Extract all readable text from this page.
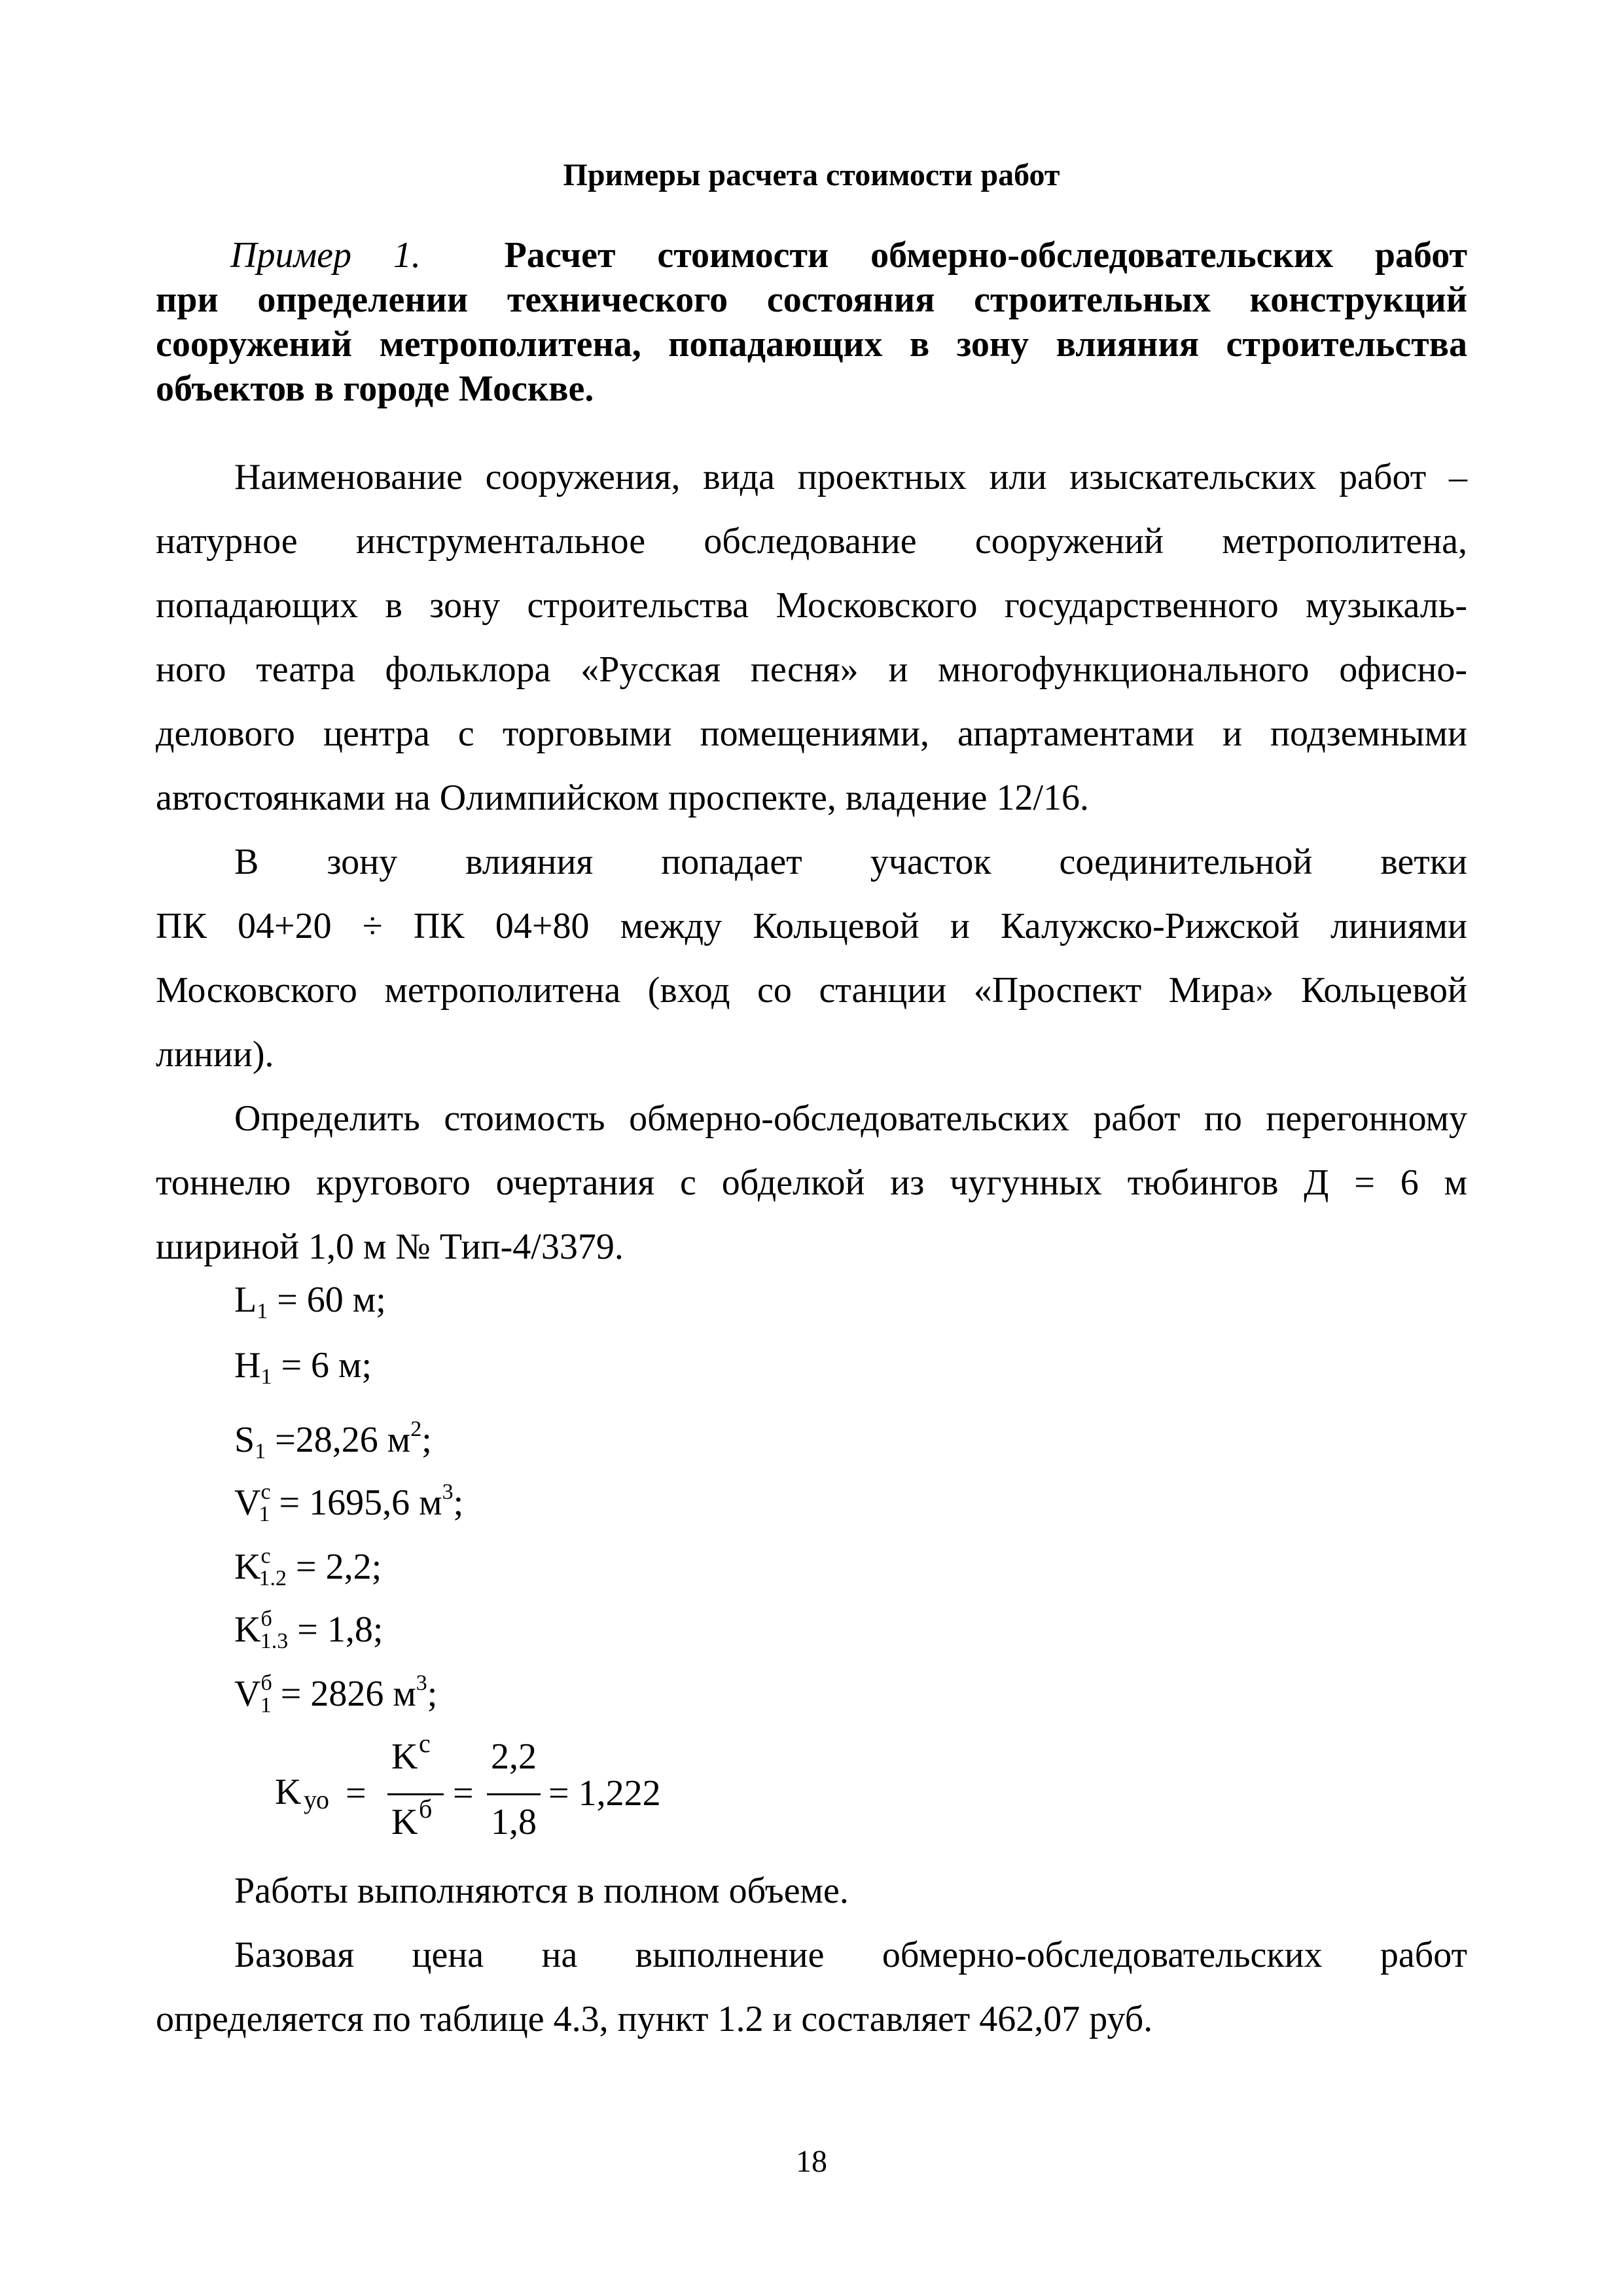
Примеры расчета стоимости работ
Пример 1. Расчет стоимости обмерно-обследовательских работ
при определении технического состояния строительных конструкций
сооружений метрополитена, попадающих в зону влияния строительства
объектов в городе Москве.
Наименование сооружения, вида проектных или изыскательских работ –
натурное инструментальное обследование сооружений метрополитена,
попадающих в зону строительства Московского государственного музыкаль-
ного театра фольклора «Русская песня» и многофункционального офисно-
делового центра с торговыми помещениями, апартаментами и подземными
автостоянками на Олимпийском проспекте, владение 12/16.
В зону влияния попадает участок соединительной ветки
ПК 04+20 ÷ ПК 04+80 между Кольцевой и Калужско-Рижской линиями
Московского метрополитена (вход со станции «Проспект Мира» Кольцевой
линии).
Определить стоимость обмерно-обследовательских работ по перегонному
тоннелю кругового очертания с обделкой из чугунных тюбингов Д = 6 м
шириной 1,0 м № Тип-4/3379.
$L_1 = 60$ м;
$H_1 = 6$ м;
$S_1 =28,26$ $м^2$;
$V^с_1 = 1695,6$ $м^3$;
$K^с_{1.2} = 2,2$;
$K^б_{1.3} = 1,8$;
$V^б_1 = 2826$ $м^3$;
K уо =
K с
K б =
2,2
1,8
= 1,222
Работы выполняются в полном объеме.
Базовая цена на выполнение обмерно-обследовательских работ
определяется по таблице 4.3, пункт 1.2 и составляет 462,07 руб.
18
